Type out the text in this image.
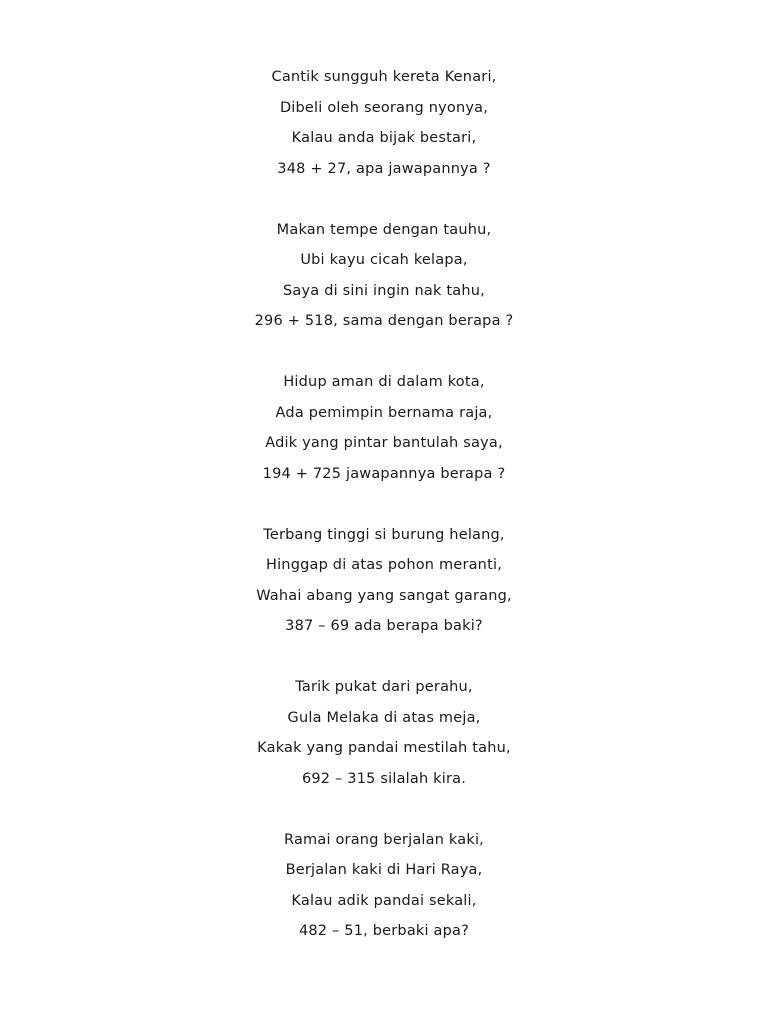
Cantik sungguh kereta Kenari,
Dibeli oleh seorang nyonya,
Kalau anda bijak bestari,
348 + 27, apa jawapannya ?
Makan tempe dengan tauhu,
Ubi kayu cicah kelapa,
Saya di sini ingin nak tahu,
296 + 518, sama dengan berapa ?
Hidup aman di dalam kota,
Ada pemimpin bernama raja,
Adik yang pintar bantulah saya,
194 + 725 jawapannya berapa ?
Terbang tinggi si burung helang,
Hinggap di atas pohon meranti,
Wahai abang yang sangat garang,
387 – 69 ada berapa baki?
Tarik pukat dari perahu,
Gula Melaka di atas meja,
Kakak yang pandai mestilah tahu,
692 – 315 silalah kira.
Ramai orang berjalan kaki,
Berjalan kaki di Hari Raya,
Kalau adik pandai sekali,
482 – 51, berbaki apa?
